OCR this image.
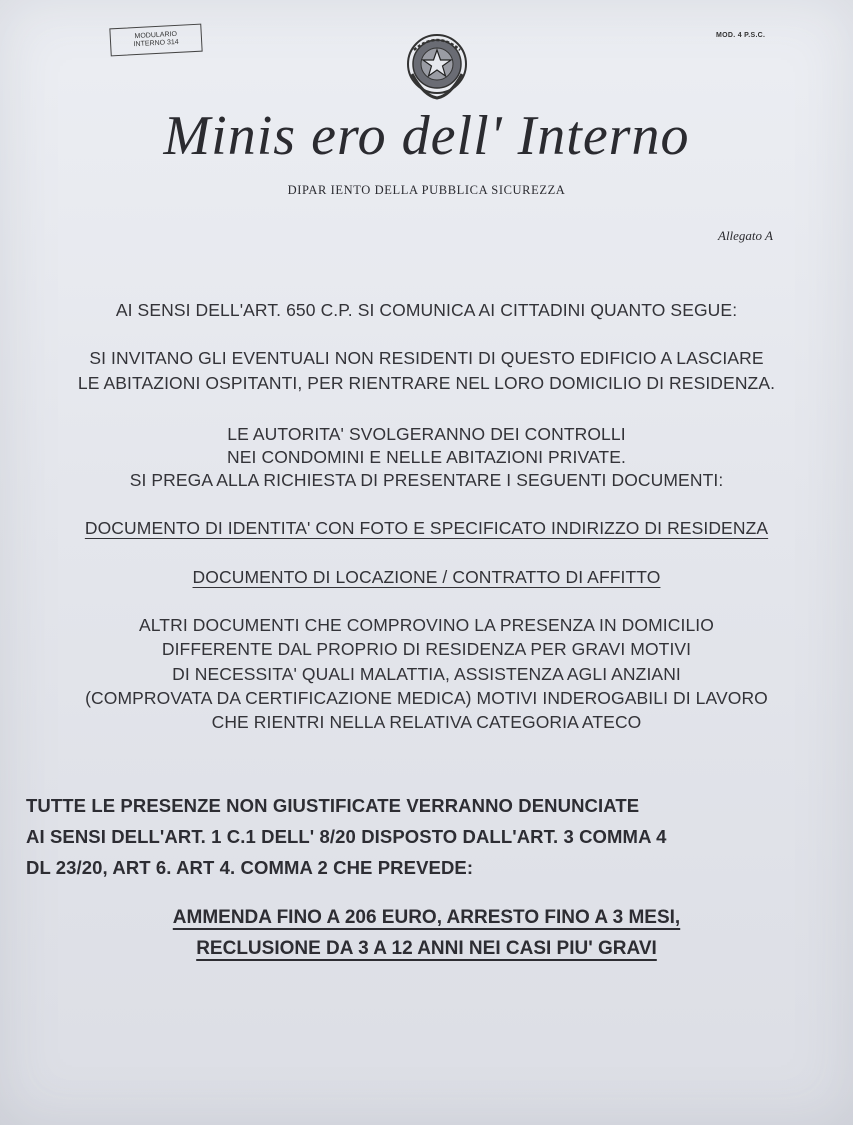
MODULARIO
INTERNO 314
MOD. 4 P.S.C.
Minis ero dell' Interno
DIPAR IENTO DELLA PUBBLICA SICUREZZA
Allegato A
AI SENSI DELL'ART. 650 C.P. SI COMUNICA AI CITTADINI QUANTO SEGUE:
SI INVITANO GLI EVENTUALI NON RESIDENTI DI QUESTO EDIFICIO A LASCIARE
LE ABITAZIONI OSPITANTI, PER RIENTRARE NEL LORO DOMICILIO DI RESIDENZA.
LE AUTORITA' SVOLGERANNO DEI CONTROLLI
NEI CONDOMINI E NELLE ABITAZIONI PRIVATE.
SI PREGA ALLA RICHIESTA DI PRESENTARE I SEGUENTI DOCUMENTI:
DOCUMENTO DI IDENTITA' CON FOTO E SPECIFICATO INDIRIZZO DI RESIDENZA
DOCUMENTO DI LOCAZIONE / CONTRATTO DI AFFITTO
ALTRI DOCUMENTI CHE COMPROVINO LA PRESENZA IN DOMICILIO
DIFFERENTE DAL PROPRIO DI RESIDENZA PER GRAVI MOTIVI
DI NECESSITA' QUALI MALATTIA, ASSISTENZA AGLI ANZIANI
(COMPROVATA DA CERTIFICAZIONE MEDICA) MOTIVI INDEROGABILI DI LAVORO
CHE RIENTRI NELLA RELATIVA CATEGORIA ATECO
TUTTE LE PRESENZE NON GIUSTIFICATE VERRANNO DENUNCIATE
AI SENSI DELL'ART. 1 C.1 DELL' 8/20 DISPOSTO DALL'ART. 3 COMMA 4
DL 23/20, ART 6. ART 4. COMMA 2 CHE PREVEDE:
AMMENDA FINO A 206 EURO, ARRESTO FINO A 3 MESI,
RECLUSIONE DA 3 A 12 ANNI NEI CASI PIU' GRAVI
